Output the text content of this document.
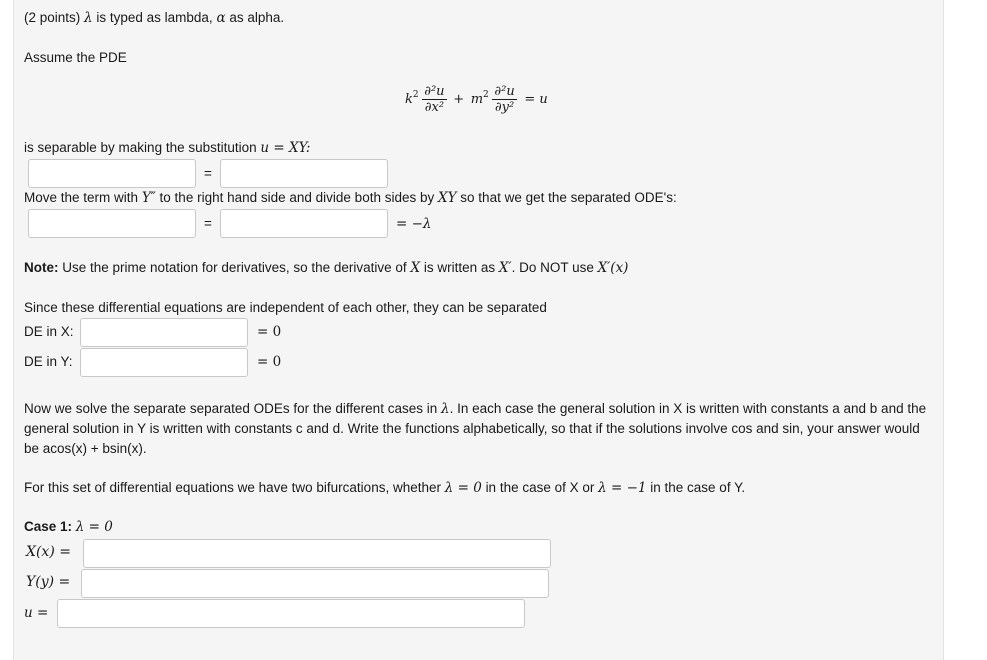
(2 points) λ is typed as lambda, α as alpha.
Assume the PDE
$k^2 \frac{\text{∂²u}}{\text{∂x²}} + m^2 \frac{\text{∂²u}}{\text{∂y²}} = u$
is separable by making the substitution u = XY:
=
Move the term with Y″ to the right hand side and divide both sides by XY so that we get the separated ODE's:
=	= −λ
Note: Use the prime notation for derivatives, so the derivative of X is written as X′. Do NOT use X′(x)
Since these differential equations are independent of each other, they can be separated
DE in X:	= 0
DE in Y:	= 0
Now we solve the separate separated ODEs for the different cases in λ. In each case the general solution in X is written with constants a and b and the general solution in Y is written with constants c and d. Write the functions alphabetically, so that if the solutions involve cos and sin, your answer would be acos(x) + bsin(x).
For this set of differential equations we have two bifurcations, whether λ = 0 in the case of X or λ = −1 in the case of Y.
Case 1: λ = 0
X(x) =
Y(y) =
u =
